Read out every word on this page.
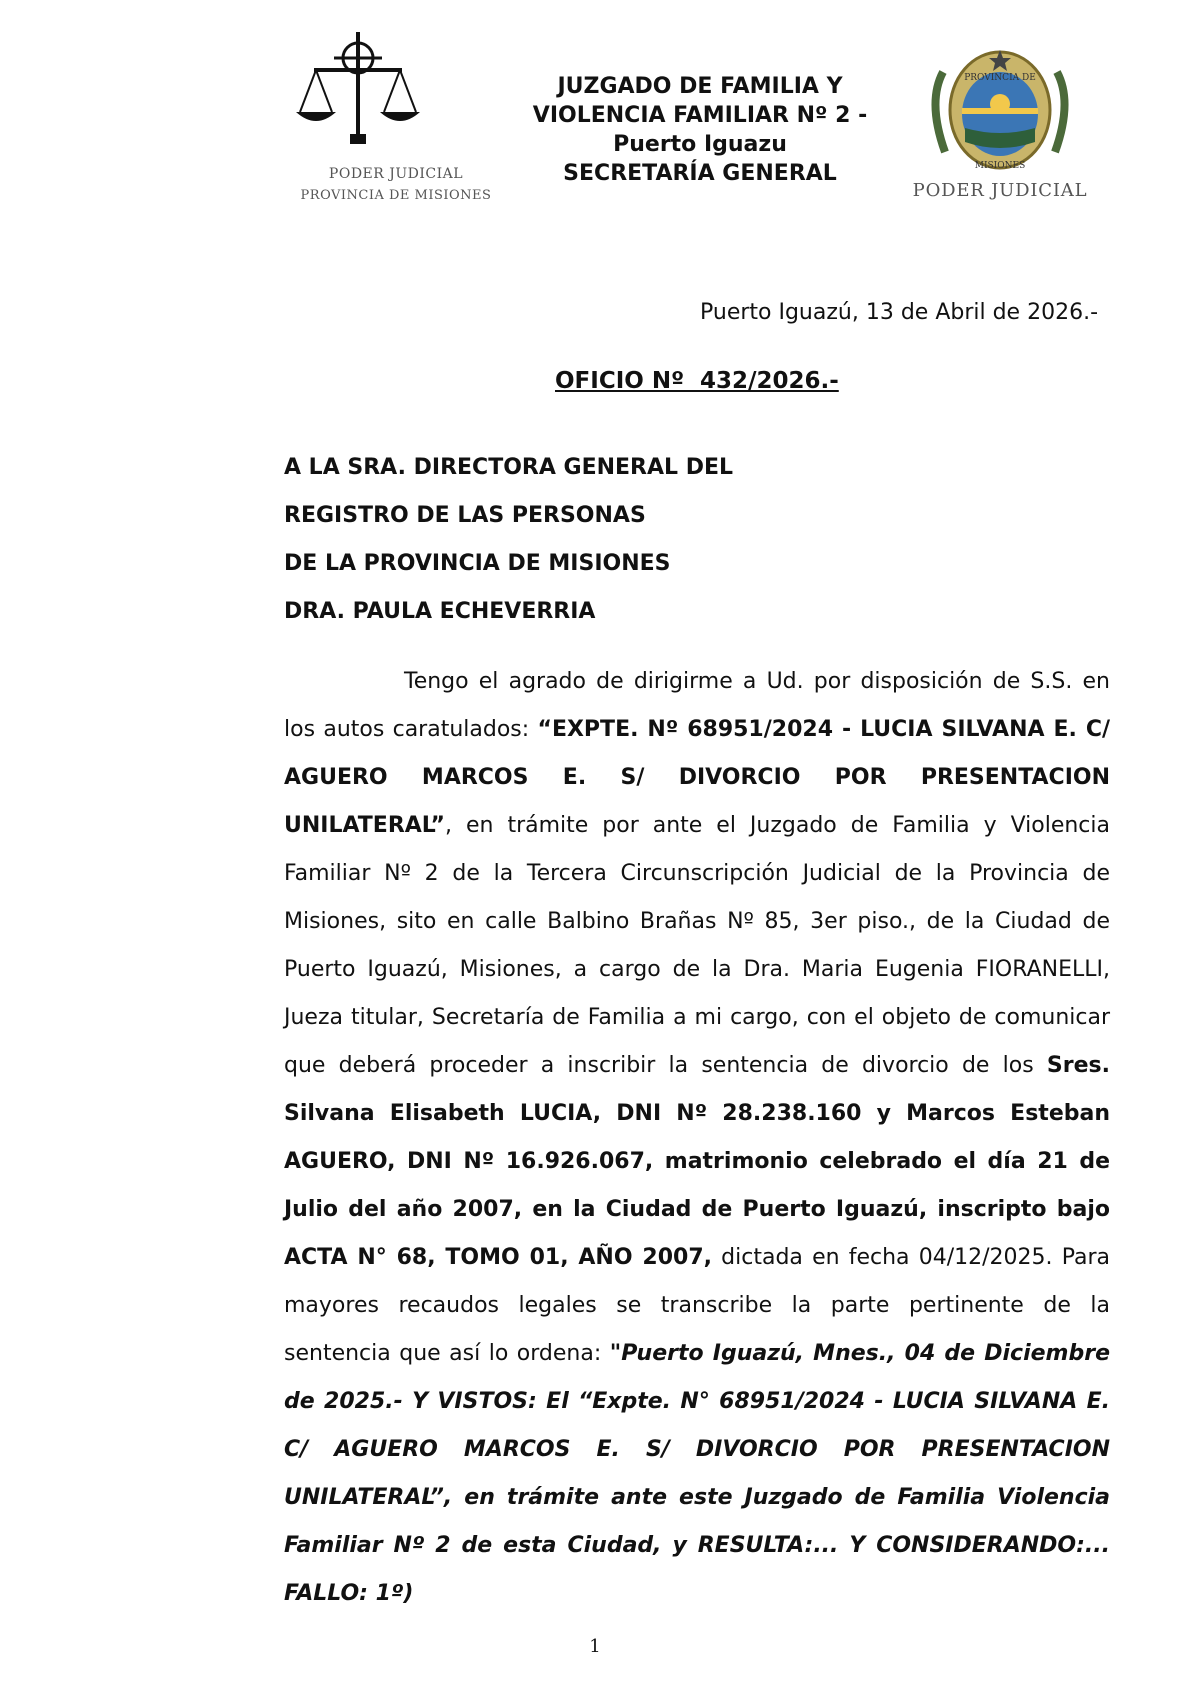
PODER JUDICIAL
PROVINCIA DE MISIONES
JUZGADO DE FAMILIA Y
VIOLENCIA FAMILIAR Nº 2 -
Puerto Iguazu
SECRETARÍA GENERAL
PROVINCIA DE
MISIONES
PODER JUDICIAL
Puerto Iguazú, 13 de Abril de 2026.-
OFICIO Nº  432/2026.-
A LA SRA. DIRECTORA GENERAL DEL
REGISTRO DE LAS PERSONAS
DE LA PROVINCIA DE MISIONES
DRA. PAULA ECHEVERRIA
Tengo el agrado de dirigirme a Ud. por disposición de S.S. en los autos caratulados: “EXPTE. Nº 68951/2024 - LUCIA SILVANA E. C/ AGUERO MARCOS E. S/ DIVORCIO POR PRESENTACION UNILATERAL”, en trámite por ante el Juzgado de Familia y Violencia Familiar Nº 2 de la Tercera Circunscripción Judicial de la Provincia de Misiones, sito en calle Balbino Brañas Nº 85, 3er piso., de la Ciudad de Puerto Iguazú, Misiones, a cargo de la Dra. Maria Eugenia FIORANELLI, Jueza titular, Secretaría de Familia a mi cargo, con el objeto de comunicar que deberá proceder a inscribir la sentencia de divorcio de los Sres. Silvana Elisabeth LUCIA, DNI Nº 28.238.160 y Marcos Esteban AGUERO, DNI Nº 16.926.067, matrimonio celebrado el día 21 de Julio del año 2007, en la Ciudad de Puerto Iguazú, inscripto bajo ACTA N° 68, TOMO 01, AÑO 2007, dictada en fecha 04/12/2025. Para mayores recaudos legales se transcribe la parte pertinente de la sentencia que así lo ordena: "Puerto Iguazú, Mnes., 04 de Diciembre de 2025.- Y VISTOS: El “Expte. N° 68951/2024 - LUCIA SILVANA E. C/ AGUERO MARCOS E. S/ DIVORCIO POR PRESENTACION UNILATERAL”, en trámite ante este Juzgado de Familia Violencia Familiar Nº 2 de esta Ciudad, y RESULTA:... Y CONSIDERANDO:... FALLO: 1º)
1
